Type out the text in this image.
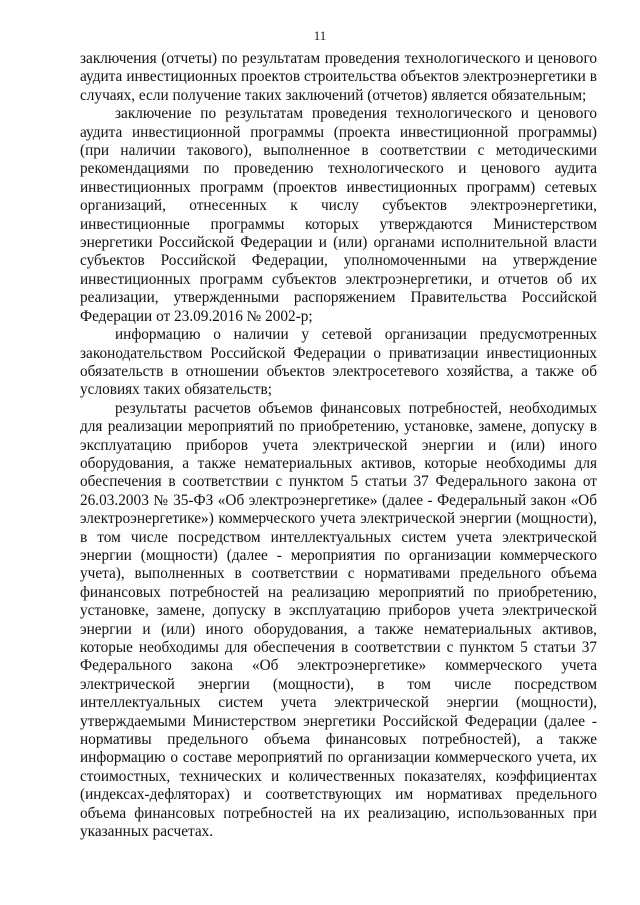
11

заключения (отчеты) по результатам проведения технологического и ценового аудита инвестиционных проектов строительства объектов электроэнергетики в случаях, если получение таких заключений (отчетов) является обязательным;

заключение по результатам проведения технологического и ценового аудита инвестиционной программы (проекта инвестиционной программы) (при наличии такового), выполненное в соответствии с методическими рекомендациями по проведению технологического и ценового аудита инвестиционных программ (проектов инвестиционных программ) сетевых организаций, отнесенных к числу субъектов электроэнергетики, инвестиционные программы которых утверждаются Министерством энергетики Российской Федерации и (или) органами исполнительной власти субъектов Российской Федерации, уполномоченными на утверждение инвестиционных программ субъектов электроэнергетики, и отчетов об их реализации, утвержденными распоряжением Правительства Российской Федерации от 23.09.2016 № 2002-р;

информацию о наличии у сетевой организации предусмотренных законодательством Российской Федерации о приватизации инвестиционных обязательств в отношении объектов электросетевого хозяйства, а также об условиях таких обязательств;

результаты расчетов объемов финансовых потребностей, необходимых для реализации мероприятий по приобретению, установке, замене, допуску в эксплуатацию приборов учета электрической энергии и (или) иного оборудования, а также нематериальных активов, которые необходимы для обеспечения в соответствии с пунктом 5 статьи 37 Федерального закона от 26.03.2003 № 35-ФЗ «Об электроэнергетике» (далее - Федеральный закон «Об электроэнергетике») коммерческого учета электрической энергии (мощности), в том числе посредством интеллектуальных систем учета электрической энергии (мощности) (далее - мероприятия по организации коммерческого учета), выполненных в соответствии с нормативами предельного объема финансовых потребностей на реализацию мероприятий по приобретению, установке, замене, допуску в эксплуатацию приборов учета электрической энергии и (или) иного оборудования, а также нематериальных активов, которые необходимы для обеспечения в соответствии с пунктом 5 статьи 37 Федерального закона «Об электроэнергетике» коммерческого учета электрической энергии (мощности), в том числе посредством интеллектуальных систем учета электрической энергии (мощности), утверждаемыми Министерством энергетики Российской Федерации (далее - нормативы предельного объема финансовых потребностей), а также информацию о составе мероприятий по организации коммерческого учета, их стоимостных, технических и количественных показателях, коэффициентах (индексах-дефляторах) и соответствующих им нормативах предельного объема финансовых потребностей на их реализацию, использованных при указанных расчетах.
